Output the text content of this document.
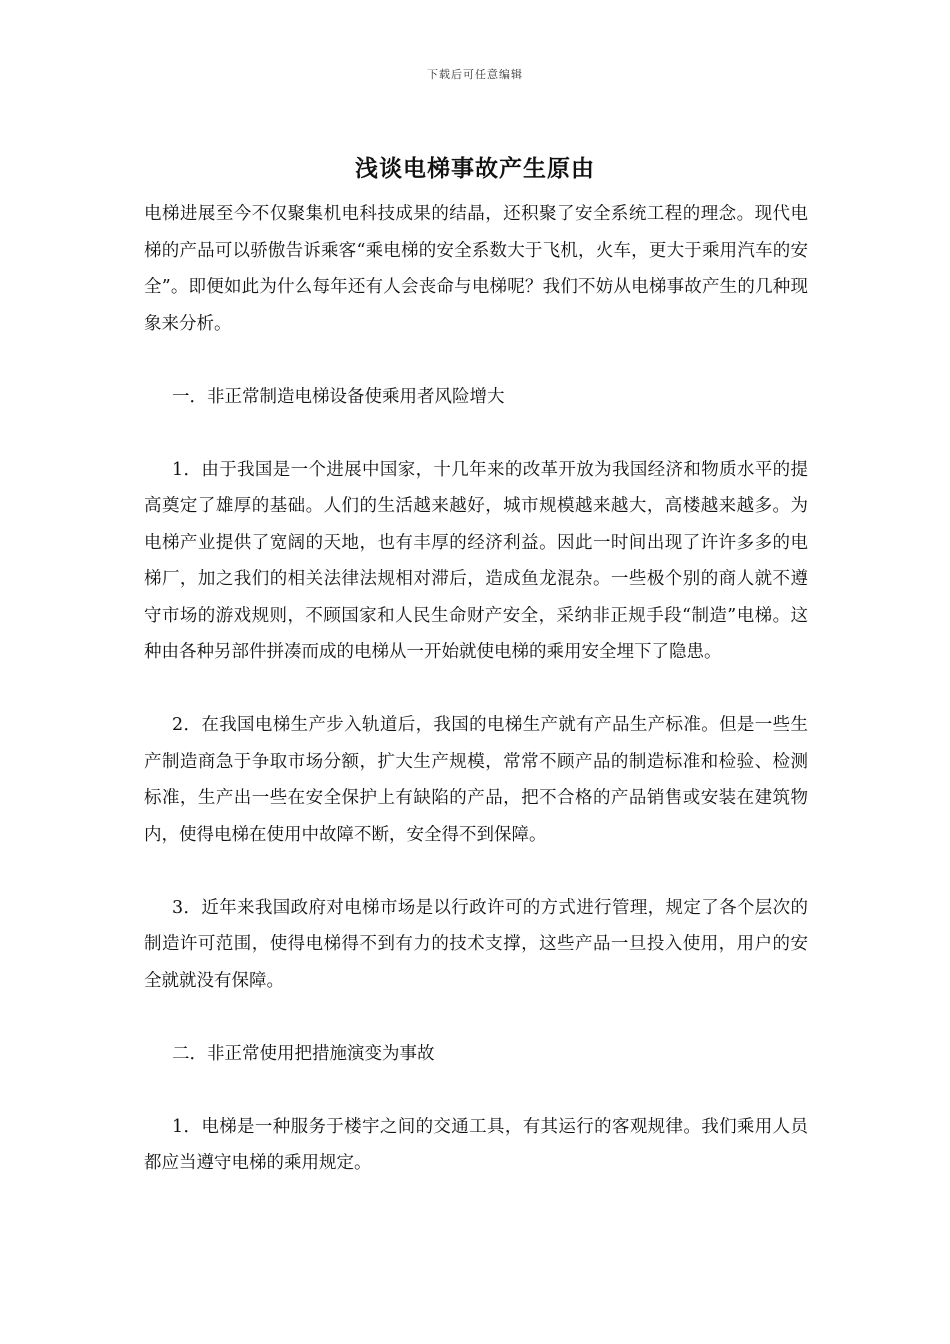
下载后可任意编辑
浅谈电梯事故产生原由

电梯进展至今不仅聚集机电科技成果的结晶，还积聚了安全系统工程的理念。现代电梯的产品可以骄傲告诉乘客“乘电梯的安全系数大于飞机，火车，更大于乘用汽车的安全”。即便如此为什么每年还有人会丧命与电梯呢？我们不妨从电梯事故产生的几种现象来分析。

一．非正常制造电梯设备使乘用者风险增大

1．由于我国是一个进展中国家，十几年来的改革开放为我国经济和物质水平的提高奠定了雄厚的基础。人们的生活越来越好，城市规模越来越大，高楼越来越多。为电梯产业提供了宽阔的天地，也有丰厚的经济利益。因此一时间出现了许许多多的电梯厂，加之我们的相关法律法规相对滞后，造成鱼龙混杂。一些极个别的商人就不遵守市场的游戏规则，不顾国家和人民生命财产安全，采纳非正规手段“制造”电梯。这种由各种另部件拼凑而成的电梯从一开始就使电梯的乘用安全埋下了隐患。

2．在我国电梯生产步入轨道后，我国的电梯生产就有产品生产标准。但是一些生产制造商急于争取市场分额，扩大生产规模，常常不顾产品的制造标准和检验、检测标准，生产出一些在安全保护上有缺陷的产品，把不合格的产品销售或安装在建筑物内，使得电梯在使用中故障不断，安全得不到保障。

3．近年来我国政府对电梯市场是以行政许可的方式进行管理，规定了各个层次的制造许可范围，使得电梯得不到有力的技术支撑，这些产品一旦投入使用，用户的安全就就没有保障。

二．非正常使用把措施演变为事故

1．电梯是一种服务于楼宇之间的交通工具，有其运行的客观规律。我们乘用人员都应当遵守电梯的乘用规定。
